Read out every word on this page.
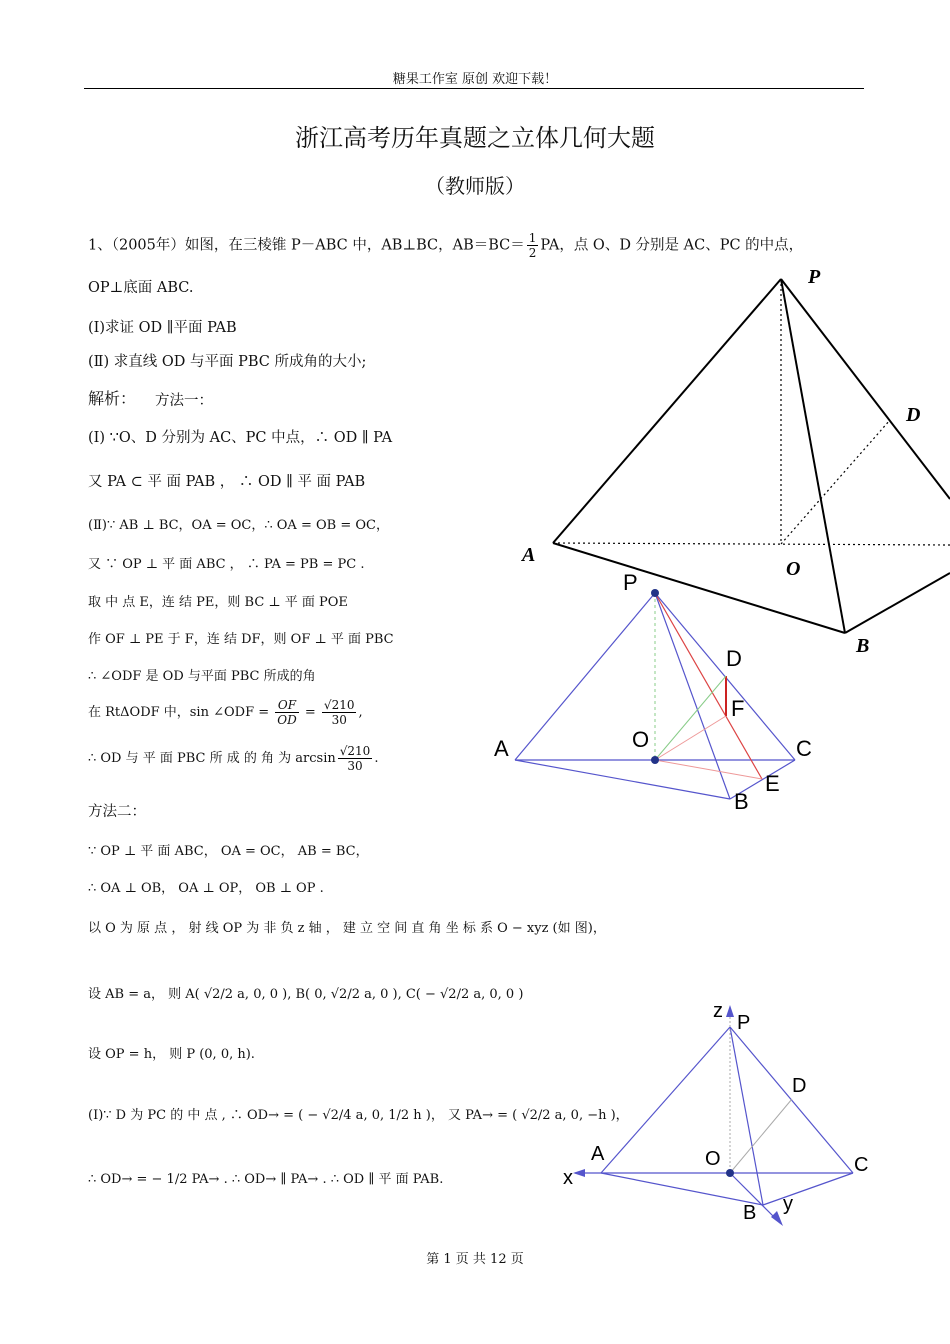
糖果工作室 原创 欢迎下载！
浙江高考历年真题之立体几何大题
（教师版）
1、（2005年）如图，在三棱锥 P－ABC 中，AB⊥BC，$AB=BC= \frac{1}{2}$ PA，点 O、D 分别是 AC、PC 的中点，
OP⊥底面 ABC.
(Ⅰ)求证 OD ∥平面 PAB
(Ⅱ) 求直线 OD 与平面 PBC 所成角的大小;
解析： 方法一：
(Ⅰ) ∵O、D 分别为 AC、PC 中点，∴ OD ∥ PA
又 PA ⊂ 平 面 PAB ， ∴ OD ∥ 平 面 PAB
(Ⅱ)∵ AB ⊥ BC，OA = OC，∴ OA = OB = OC，
又 ∵ OP ⊥ 平 面 ABC ， ∴ PA = PB = PC .
取 中 点 E，连 结 PE，则 BC ⊥ 平 面 POE
作 OF ⊥ PE 于 F，连 结 DF，则 OF ⊥ 平 面 PBC
∴ ∠ODF 是 OD 与平面 PBC 所成的角
在 RtΔODF 中，sin ∠ODF = $\frac{OF}{OD} = \frac{√210}{30}$ ,
∴ OD 与 平 面 PBC 所 成 的 角 为 $\arcsin \frac{√210}{30}$ .
方法二：
∵ OP ⊥ 平 面 ABC， OA = OC， AB = BC，
∴ OA ⊥ OB， OA ⊥ OP， OB ⊥ OP .
以 O 为 原 点 ， 射 线 OP 为 非 负 z 轴 ， 建 立 空 间 直 角 坐 标 系 O − xyz (如 图)，
设 AB = a， 则 A( √2/2 a, 0, 0 ), B( 0, √2/2 a, 0 ), C( − √2/2 a, 0, 0 )
设 OP = h， 则 P (0, 0, h).
(Ⅰ)∵ D 为 PC 的 中 点 , ∴ OD→ = ( − √2/4 a, 0, 1/2 h )， 又 PA→ = ( √2/2 a, 0, −h )，
∴ OD→ = − 1/2 PA→ . ∴ OD→ ∥ PA→ . ∴ OD ∥ 平 面 PAB.
P
D
A
O
B
P
D
F
A	O	C
E
B
z
P
D
A	O	C
x
B y
第 1 页 共 12 页
